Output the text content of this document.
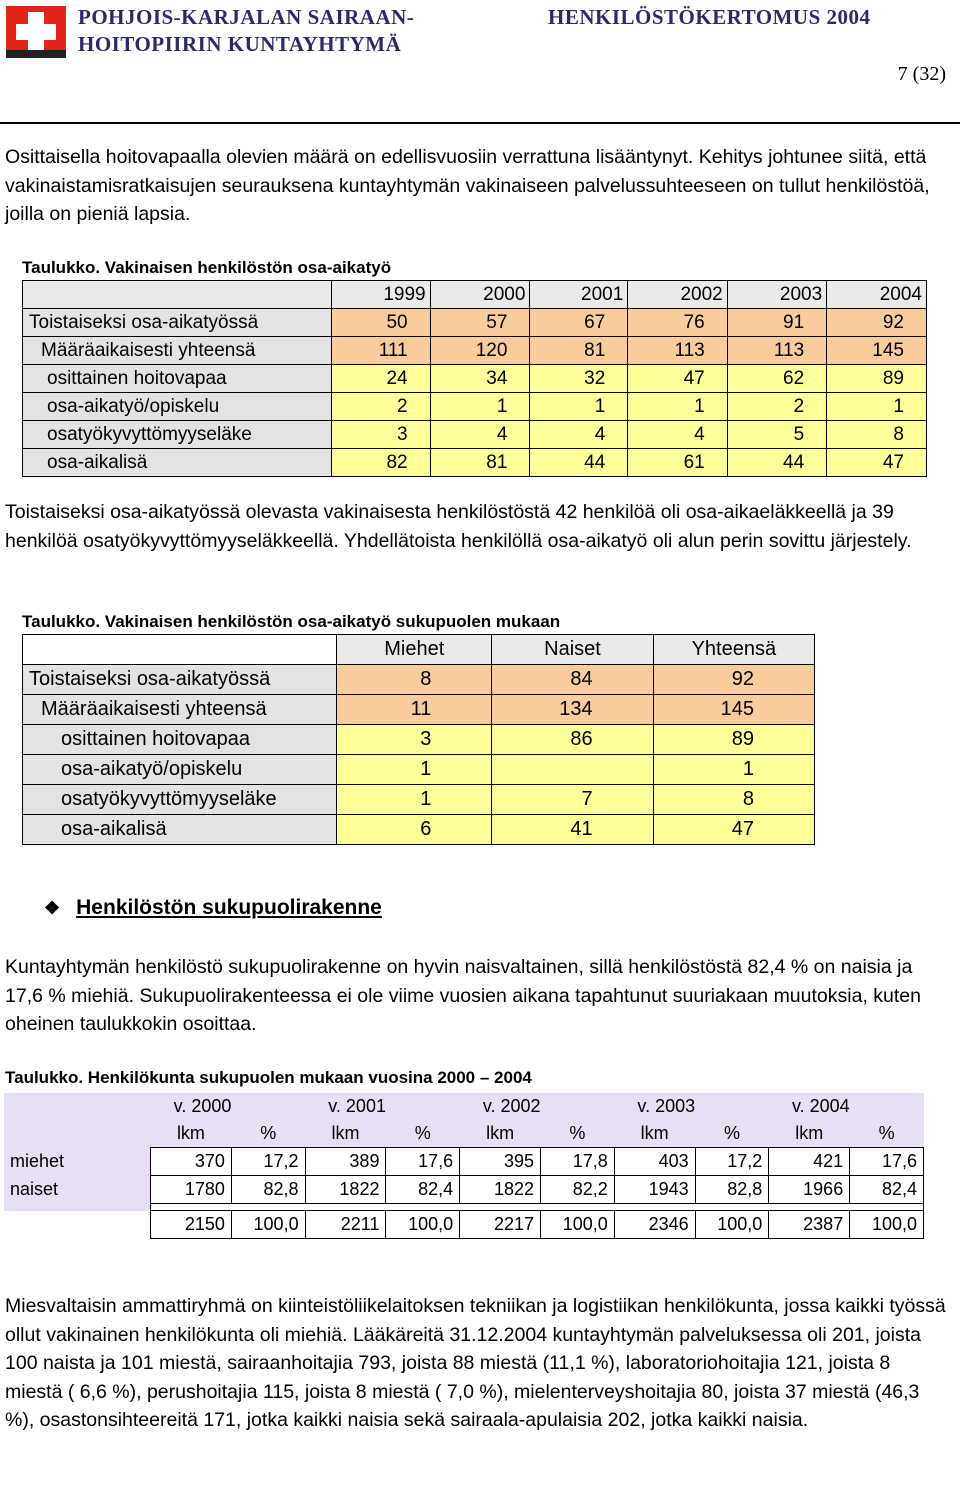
POHJOIS-KARJALAN SAIRAAN-
HOITOPIIRIN KUNTAYHTYMÄ
HENKILÖSTÖKERTOMUS 2004
7 (32)

Osittaisella hoitovapaalla olevien määrä on edellisvuosiin verrattuna lisääntynyt. Kehitys johtunee siitä, että vakinaistamisratkaisujen seurauksena kuntayhtymän vakinaiseen palvelussuhteeseen on tullut henkilöstöä, joilla on pieniä lapsia.

Taulukko. Vakinaisen henkilöstön osa-aikatyö
	1999	2000	2001	2002	2003	2004
Toistaiseksi osa-aikatyössä	50	57	67	76	91	92
Määräaikaisesti yhteensä	111	120	81	113	113	145
osittainen hoitovapaa	24	34	32	47	62	89
osa-aikatyö/opiskelu	2	1	1	1	2	1
osatyökyvyttömyyseläke	3	4	4	4	5	8
osa-aikalisä	82	81	44	61	44	47

Toistaiseksi osa-aikatyössä olevasta vakinaisesta henkilöstöstä 42 henkilöä oli osa-aikaeläkkeellä ja 39 henkilöä osatyökyvyttömyyseläkkeellä. Yhdellätoista henkilöllä osa-aikatyö oli alun perin sovittu järjestely.

Taulukko. Vakinaisen henkilöstön osa-aikatyö sukupuolen mukaan
	Miehet	Naiset	Yhteensä
Toistaiseksi osa-aikatyössä	8	84	92
Määräaikaisesti yhteensä	11	134	145
osittainen hoitovapaa	3	86	89
osa-aikatyö/opiskelu	1		1
osatyökyvyttömyyseläke	1	7	8
osa-aikalisä	6	41	47
❖ Henkilöstön sukupuolirakenne

Kuntayhtymän henkilöstö sukupuolirakenne on hyvin naisvaltainen, sillä henkilöstöstä 82,4 % on naisia ja 17,6 % miehiä. Sukupuolirakenteessa ei ole viime vuosien aikana tapahtunut suuriakaan muutoksia, kuten oheinen taulukkokin osoittaa.

Taulukko. Henkilökunta sukupuolen mukaan vuosina 2000 – 2004
	v. 2000		v. 2001		v. 2002		v. 2003		v. 2004	
	lkm	%	lkm	%	lkm	%	lkm	%	lkm	%
miehet	370	17,2	389	17,6	395	17,8	403	17,2	421	17,6
naiset	1780	82,8	1822	82,4	1822	82,2	1943	82,8	1966	82,4

	2150	100,0	2211	100,0	2217	100,0	2346	100,0	2387	100,0

Miesvaltaisin ammattiryhmä on kiinteistöliikelaitoksen tekniikan ja logistiikan henkilökunta, jossa kaikki työssä ollut vakinainen henkilökunta oli miehiä. Lääkäreitä 31.12.2004 kuntayhtymän palveluksessa oli 201, joista 100 naista ja 101 miestä, sairaanhoitajia 793, joista 88 miestä (11,1 %), laboratoriohoitajia 121, joista 8 miestä ( 6,6 %), perushoitajia 115, joista 8 miestä ( 7,0 %), mielenterveyshoitajia 80, joista 37 miestä (46,3 %), osastonsihteereitä 171, jotka kaikki naisia sekä sairaala-apulaisia 202, jotka kaikki naisia.
